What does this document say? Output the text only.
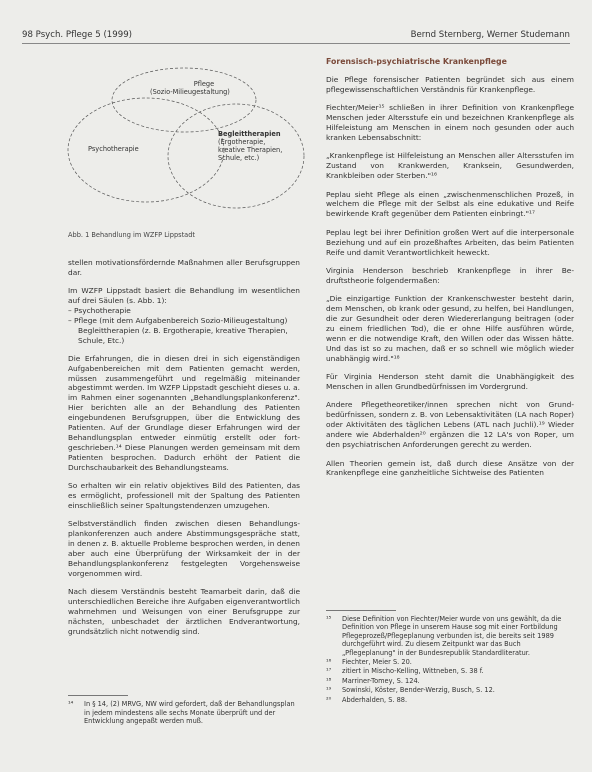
98 Psych. Pflege 5 (1999)	Bernd Sternberg, Werner Studemann
Pflege
(Sozio-Milieugestaltung)
Psychotherapie
Begleittherapien
(Ergotherapie,
kreative Therapien,
Schule, etc.)
Abb. 1 Behandlung im WZFP Lippstadt

stellen motivationsfördernde Maßnahmen aller Berufsgruppen dar.

Im WZFP Lippstadt basiert die Behandlung im wesentlichen auf drei Säulen (s. Abb. 1):

– Psychotherapie
– Pflege (mit dem Aufgabenbereich Sozio-Milieugestaltung)
Begleittherapien (z. B. Ergotherapie, kreative Therapien, Schule, Etc.)

Die Erfahrungen, die in diesen drei in sich eigenständigen Aufgabenbereichen mit dem Patienten gemacht werden, müssen zusammengeführt und regelmäßig miteinander abgestimmt werden. Im WZFP Lippstadt geschieht dieses u. a. im Rahmen einer sogenannten „Behandlungsplankonferenz". Hier berichten alle an der Behandlung des Patienten eingebundenen Berufsgruppen, über die Entwicklung des Patienten. Auf der Grundlage dieser Erfahrungen wird der Behandlungsplan entweder einmütig erstellt oder fortgeschrieben.¹⁴ Diese Planungen werden gemeinsam mit dem Patienten besprochen. Dadurch erhöht der Patient die Durchschaubarkeit des Behandlungsteams.

So erhalten wir ein relativ objektives Bild des Patienten, das es ermöglicht, professionell mit der Spaltung des Patienten einschließlich seiner Spaltungstendenzen umzugehen.

Selbstverständlich finden zwischen diesen Behandlungsplankonferenzen auch andere Abstimmungsgespräche statt, in denen z. B. aktuelle Probleme besprochen werden, in denen aber auch eine Überprüfung der Wirksamkeit der in der Behandlungsplankonferenz festgelegten Vorgehensweise vorgenommen wird.

Nach diesem Verständnis besteht Teamarbeit darin, daß die unterschiedlichen Bereiche ihre Aufgaben eigenverantwortlich wahrnehmen und Weisungen von einer Berufsgruppe zur nächsten, unbeschadet der ärztlichen Endverantwortung, grundsätzlich nicht notwendig sind.

¹⁴	In § 14, (2) MRVG, NW wird gefordert, daß der Behandlungsplan in jedem mindestens alle sechs Monate überprüft und der Entwicklung angepaßt werden muß.
Forensisch-psychiatrische Krankenpflege

Die Pflege forensischer Patienten begründet sich aus einem pflegewissenschaftlichen Verständnis für Krankenpflege.

Fiechter/Meier¹⁵ schließen in ihrer Definition von Krankenpflege Menschen jeder Altersstufe ein und bezeichnen Krankenpflege als Hilfeleistung am Menschen in einem noch gesunden oder auch kranken Lebensabschnitt:

„Krankenpflege ist Hilfeleistung an Menschen aller Altersstufen im Zustand von Krankwerden, Kranksein, Gesundwerden, Krankbleiben oder Sterben."¹⁶

Peplau sieht Pflege als einen „zwischenmenschlichen Prozeß, in welchem die Pflege mit der Selbst als eine edukative und Reife bewirkende Kraft gegenüber dem Patienten einbringt."¹⁷

Peplau legt bei ihrer Definition großen Wert auf die interpersonale Beziehung und auf ein prozeßhaftes Arbeiten, das beim Patienten Reife und damit Verantwortlichkeit heweckt.

Virginia Henderson beschrieb Krankenpflege in ihrer Bedruftstheorie folgendermaßen:

„Die einzigartige Funktion der Krankenschwester besteht darin, dem Menschen, ob krank oder gesund, zu helfen, bei Handlungen, die zur Gesundheit oder deren Wiedererlangung beitragen (oder zu einem friedlichen Tod), die er ohne Hilfe ausführen würde, wenn er die notwendige Kraft, den Willen oder das Wissen hätte. Und das ist so zu machen, daß er so schnell wie möglich wieder unabhängig wird."¹⁸

Für Virginia Henderson steht damit die Unabhängigkeit des Menschen in allen Grundbedürfnissen im Vordergrund.

Andere Pflegetheoretiker/innen sprechen nicht von Grundbedürfnissen, sondern z. B. von Lebensaktivitäten (LA nach Roper) oder Aktivitäten des täglichen Lebens (ATL nach Juchli).¹⁹ Wieder andere wie Abderhalden²⁰ ergänzen die 12 LA's von Roper, um den psychiatrischen Anforderungen gerecht zu werden.

Allen Theorien gemein ist, daß durch diese Ansätze von der Krankenpflege eine ganzheitliche Sichtweise des Patienten

¹⁵	Diese Definition von Fiechter/Meier wurde von uns gewählt, da die Definition von Pflege in unserem Hause sog mit einer Fortbildung Pflegeprozeß/Pflegeplanung verbunden ist, die bereits seit 1989 durchgeführt wird. Zu diesem Zeitpunkt war das Buch „Pflegeplanung" in der Bundesrepublik Standardliteratur.
¹⁶	Fiechter, Meier S. 20.
¹⁷	zitiert in Mischo-Kelling, Wittneben, S. 38 f.
¹⁸	Marriner-Tomey, S. 124.
¹⁹	Sowinski, Köster, Bender-Werzig, Busch, S. 12.
²⁰	Abderhalden, S. 88.
